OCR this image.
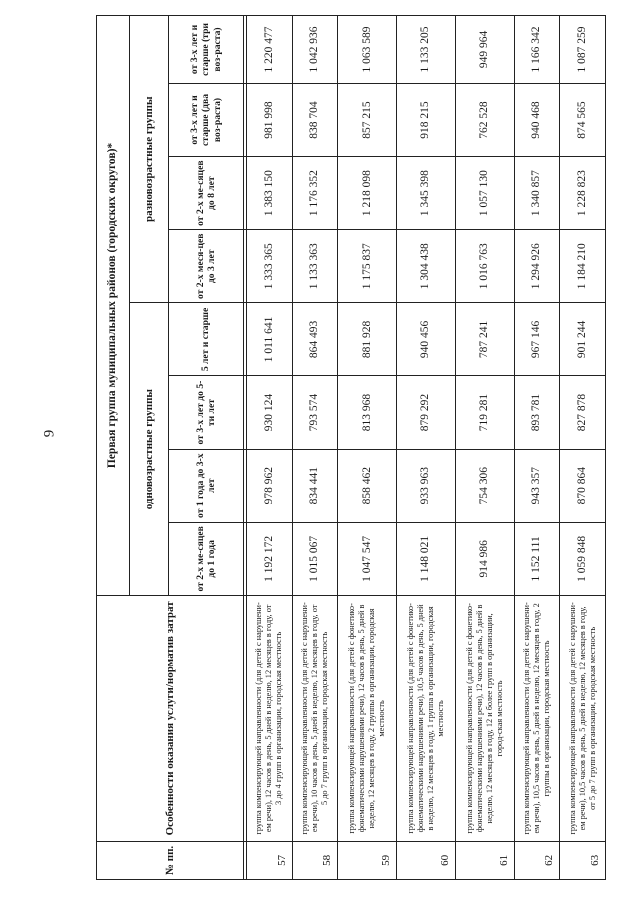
9
№ пп.	Особенности оказания услуги/норматив затрат	Первая группа муниципальных районов (городских округов)*							
		одновозрастные группы				разновозрастные группы			
		от 2-х ме-сяцев до 1 года	от 1 года до 3-х лет	от 3-х лет до 5-ти лет	5 лет и старше	от 2-х меся-цев до 3 лет	от 2-х ме-сяцев до 8 лет	от 3-х лет и старше (два воз-раста)	от 3-х лет и старше (три воз-раста)

57	группа компенсирующей направленности (для детей с нарушени-ем речи), 12 часов в день, 5 дней в неделю, 12 месяцев в году, от 3 до 4 групп в организации, городская местность	1 192 172	978 962	930 124	1 011 641	1 333 365	1 383 150	981 998	1 220 477
58	группа компенсирующей направленности (для детей с нарушени-ем речи), 10 часов в день, 5 дней в неделю, 12 месяцев в году, от 5 до 7 групп в организации, городская местность	1 015 067	834 441	793 574	864 493	1 133 363	1 176 352	838 704	1 042 936
59	группа компенсирующей направленности (для детей с фонетико-фонематическими нарушениями речи), 12 часов в день, 5 дней в неделю, 12 месяцев в году, 2 группы в организации, городская местность	1 047 547	858 462	813 968	881 928	1 175 837	1 218 098	857 215	1 063 589
60	группа компенсирующей направленности (для детей с фонетико-фонематическими нарушениями речи), 10,5 часов в день, 5 дней в неделю, 12 месяцев в году, 1 группа в организации, городская местность	1 148 021	933 963	879 292	940 456	1 304 438	1 345 398	918 215	1 133 205
61	группа компенсирующей направленности (для детей с фонетико-фонематическими нарушениями речи), 12 часов в день, 5 дней в неделю, 12 месяцев в году, 12 и более групп в организации, город-ская местность	914 986	754 306	719 281	787 241	1 016 763	1 057 130	762 528	949 964
62	группа компенсирующей направленности (для детей с нарушени-ем речи), 10,5 часов в день, 5 дней в неделю, 12 месяцев в году, 2 группы в организации, городская местность	1 152 111	943 357	893 781	967 146	1 294 926	1 340 857	940 468	1 166 342
63	группа компенсирующей направленности (для детей с нарушени-ем речи), 10,5 часов в день, 5 дней в неделю, 12 месяцев в году, от 5 до 7 групп в организации, городская местность	1 059 848	870 864	827 878	901 244	1 184 210	1 228 823	874 565	1 087 259
